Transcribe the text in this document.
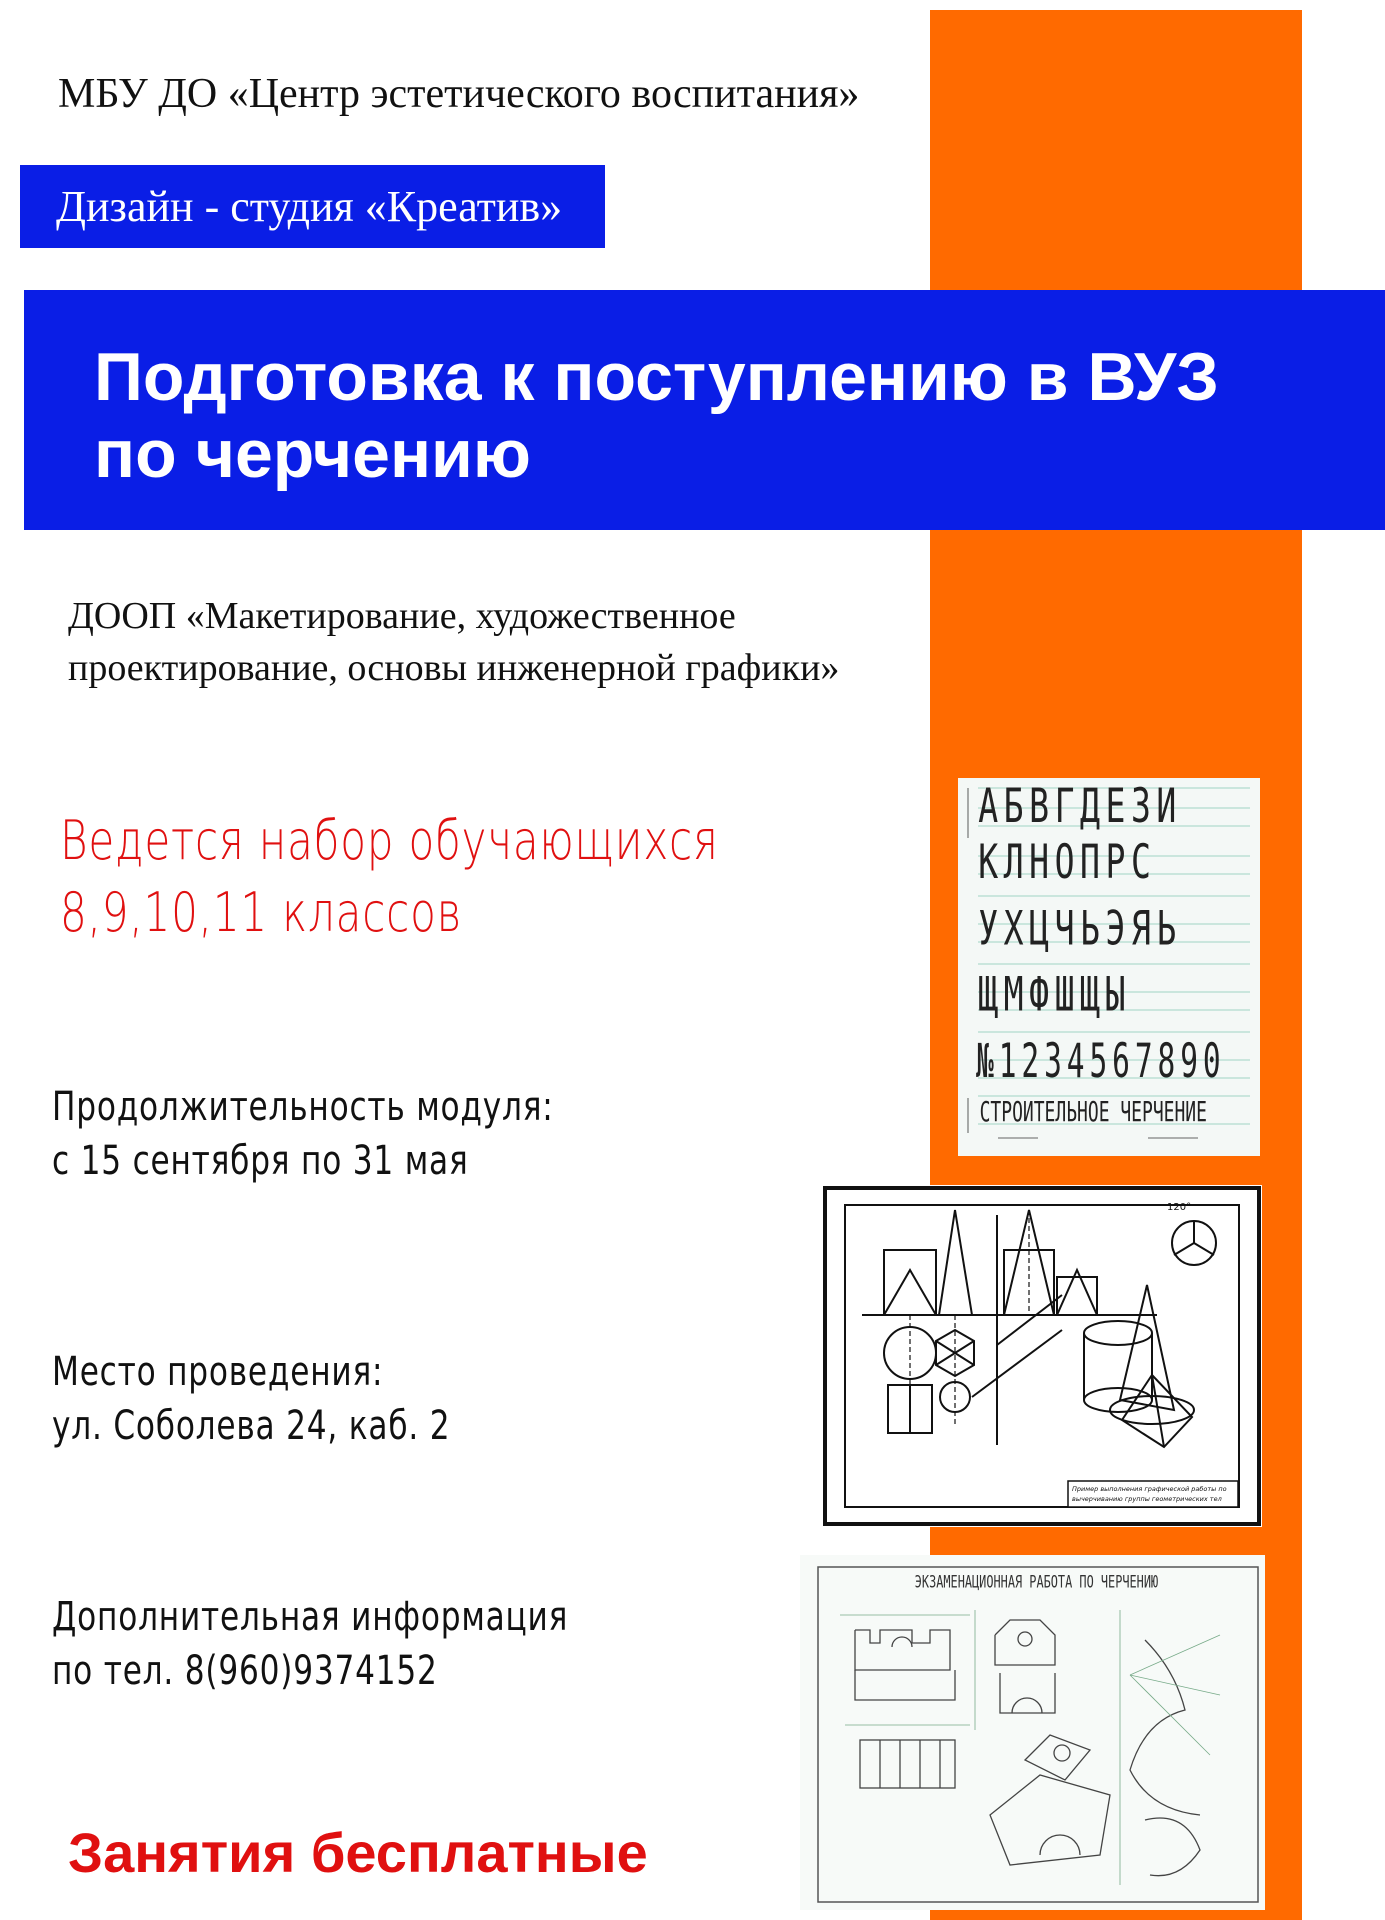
МБУ ДО «Центр эстетического воспитания»
Дизайн - студия «Креатив»
Подготовка к поступлению в ВУЗ
по черчению
ДООП «Макетирование, художественное
проектирование, основы инженерной графики»
Ведется набор обучающихся
8,9,10,11 классов
Продолжительность модуля:
с 15 сентября по 31 мая
Место проведения:
ул. Соболева 24, каб. 2
Дополнительная информация
по тел. 8(960)9374152
Занятия бесплатные
АБВГДЕЗИ
КЛНОПРС
УХЦЧЬЭЯЬ
ЩМФШЩЫ
№1234567890
СТРОИТЕЛЬНОЕ ЧЕРЧЕНИЕ
120°
Пример выполнения графической работы по
вычерчиванию группы геометрических тел
ЭКЗАМЕНАЦИОННАЯ РАБОТА ПО ЧЕРЧЕНИЮ
